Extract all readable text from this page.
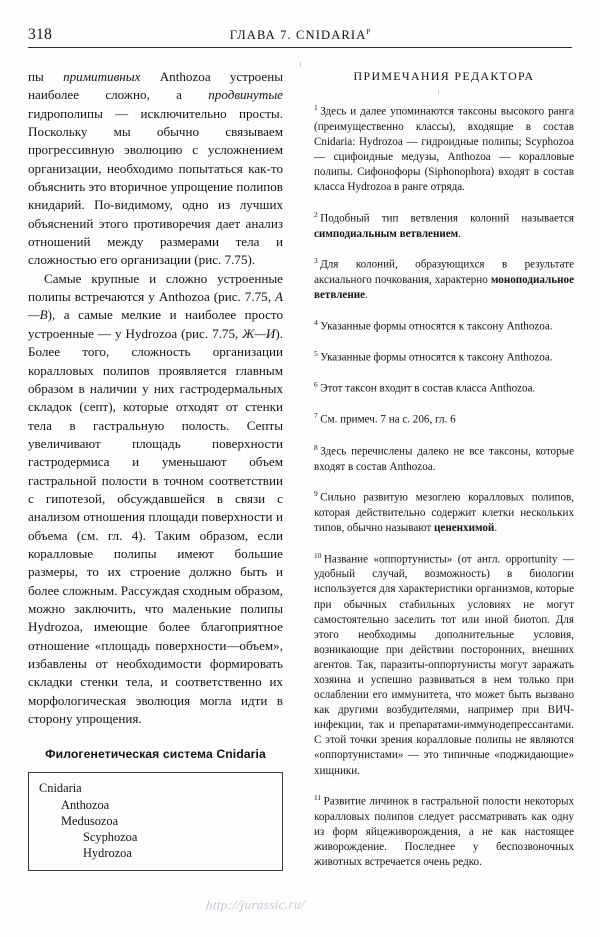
318	ГЛАВА 7. $CNIDARIA^P$
пы примитивных Anthozoa устроены наиболее сложно, а продвинутые гидрополипы — исключительно просты. Поскольку мы обычно связываем прогрессивную эволюцию с усложнением организации, необходимо попытаться как-то объяснить это вторичное упрощение полипов книдарий. По-видимому, одно из лучших объяснений этого противоречия дает анализ отношений между размерами тела и сложностью его организации (рис. 7.75).
Самые крупные и сложно устроенные полипы встречаются у Anthozoa (рис. 7.75, А—В), а самые мелкие и наиболее просто устроенные — у Hydrozoa (рис. 7.75, Ж—И). Более того, сложность организации коралловых полипов проявляется главным образом в наличии у них гастродермальных складок (септ), которые отходят от стенки тела в гастральную полость. Септы увеличивают площадь поверхности гастродермиса и уменьшают объем гастральной полости в точном соответствии с гипотезой, обсуждавшейся в связи с анализом отношения площади поверхности и объема (см. гл. 4). Таким образом, если коралловые полипы имеют большие размеры, то их строение должно быть и более сложным. Рассуждая сходным образом, можно заключить, что маленькие полипы Hydrozoa, имеющие более благоприятное отношение «площадь поверхности—объем», избавлены от необходимости формировать складки стенки тела, и соответственно их морфологическая эволюция могла идти в сторону упрощения.
Филогенетическая система Cnidaria
Cnidaria
Anthozoa
Medusozoa
Scyphozoa
Hydrozoa
ПРИМЕЧАНИЯ РЕДАКТОРА
$^1$ Здесь и далее упоминаются таксоны высокого ранга (преимущественно классы), входящие в состав Cnidaria: Hydrozoa — гидроидные полипы; Scyphozoa — сцифоидные медузы, Anthozoa — коралловые полипы. Сифонофоры (Siphonophora) входят в состав класса Hydrozoa в ранге отряда.
$^2$ Подобный тип ветвления колоний называется симподиальным ветвлением.
$^3$ Для колоний, образующихся в результате аксиального почкования, характерно моноподиальное ветвление.
$^4$ Указанные формы относятся к таксону Anthozoa.
$^5$ Указанные формы относятся к таксону Anthozoa.
$^6$ Этот таксон входит в состав класса Anthozoa.
$^7$ См. примеч. 7 на с. 206, гл. 6
$^8$ Здесь перечислены далеко не все таксоны, которые входят в состав Anthozoa.
$^9$ Сильно развитую мезоглею коралловых полипов, которая действительно содержит клетки нескольких типов, обычно называют цененхимой.
$^{10}$ Название «оппортунисты» (от англ. opportunity — удобный случай, возможность) в биологии используется для характеристики организмов, которые при обычных стабильных условиях не могут самостоятельно заселить тот или иной биотоп. Для этого необходимы дополнительные условия, возникающие при действии посторонних, внешних агентов. Так, паразиты-оппортунисты могут заражать хозяина и успешно развиваться в нем только при ослаблении его иммунитета, что может быть вызвано как другими возбудителями, например при ВИЧ-инфекции, так и препаратами-иммунодепрессантами. С этой точки зрения коралловые полипы не являются «оппортунистами» — это типичные «поджидающие» хищники.
$^{11}$ Развитие личинок в гастральной полости некоторых коралловых полипов следует рассматривать как одну из форм яйцеживорождения, а не как настоящее живорождение. Последнее у беспозвоночных животных встречается очень редко.
http://jurassic.ru/
